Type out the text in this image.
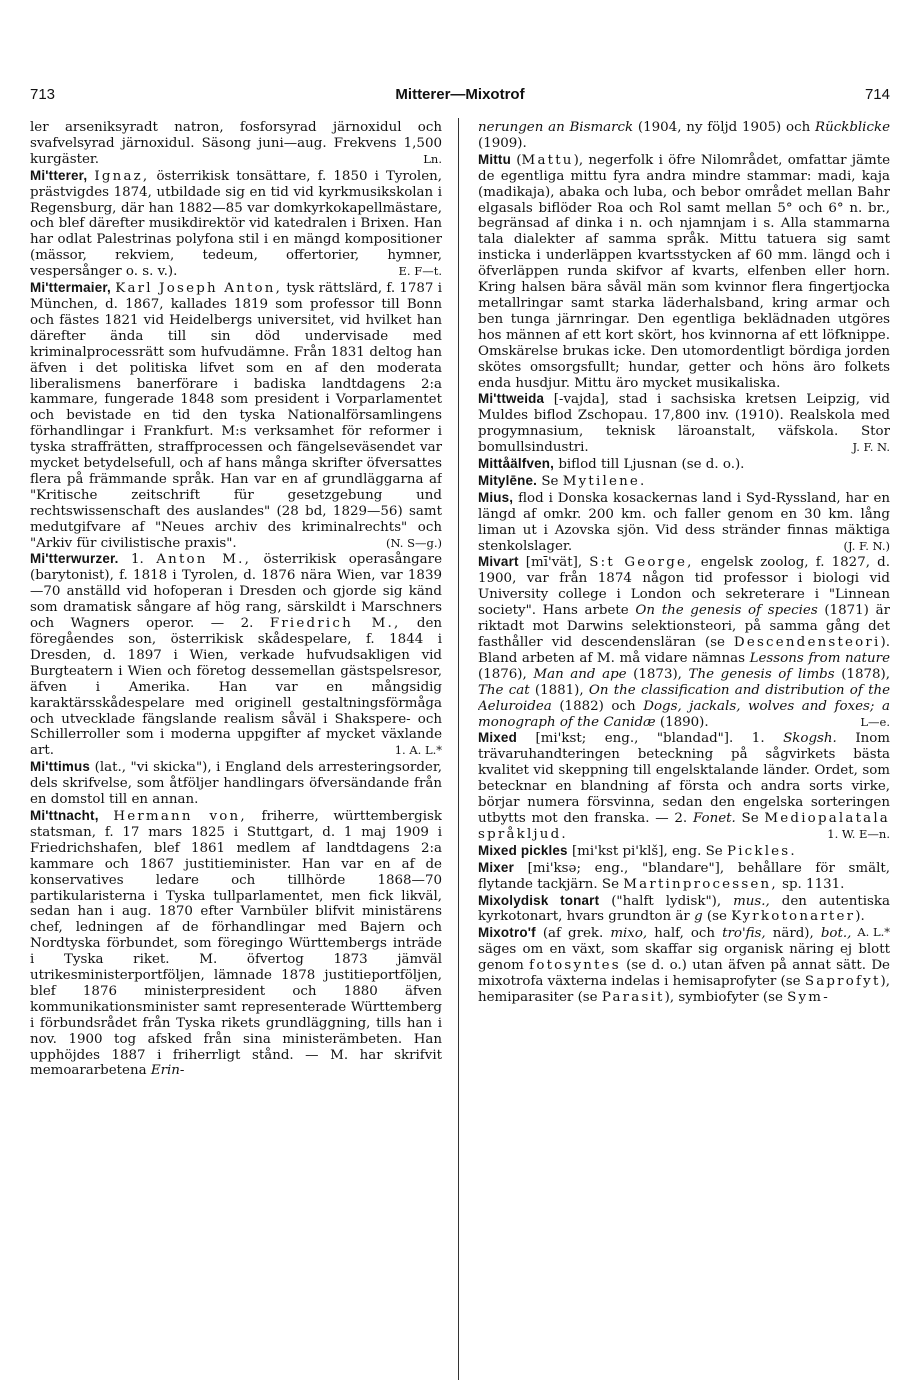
713	Mitterer—Mixotrof	714

ler arseniksyradt natron, fosforsyrad järnoxidul och svafvelsyrad järnoxidul. Säsong juni—aug. Frekvens 1,500 kurgäster.	Ln.

Mi'tterer, Ignaz, österrikisk tonsättare, f. 1850 i Tyrolen, prästvigdes 1874, utbildade sig en tid vid kyrkmusikskolan i Regensburg, där han 1882—85 var domkyrkokapellmästare, och blef därefter musikdirektör vid katedralen i Brixen. Han har odlat Palestrinas polyfona stil i en mängd kompositioner (mässor, rekviem, tedeum, offertorier, hymner, vespersånger o. s. v.).	E. F—t.

Mi'ttermaier, Karl Joseph Anton, tysk rättslärd, f. 1787 i München, d. 1867, kallades 1819 som professor till Bonn och fästes 1821 vid Heidelbergs universitet, vid hvilket han därefter ända till sin död undervisade med kriminalprocessrätt som hufvudämne. Från 1831 deltog han äfven i det politiska lifvet som en af den moderata liberalismens banerförare i badiska landtdagens 2:a kammare, fungerade 1848 som president i Vorparlamentet och bevistade en tid den tyska Nationalförsamlingens förhandlingar i Frankfurt. M:s verksamhet för reformer i tyska straffrätten, straffprocessen och fängelseväsendet var mycket betydelsefull, och af hans många skrifter öfversattes flera på främmande språk. Han var en af grundläggarna af "Kritische zeitschrift für gesetzgebung und rechtswissenschaft des auslandes" (28 bd, 1829—56) samt medutgifvare af "Neues archiv des kriminalrechts" och "Arkiv für civilistische praxis".	(N. S—g.)

Mi'tterwurzer. 1. Anton M., österrikisk operasångare (barytonist), f. 1818 i Tyrolen, d. 1876 nära Wien, var 1839—70 anställd vid hofoperan i Dresden och gjorde sig känd som dramatisk sångare af hög rang, särskildt i Marschners och Wagners operor. — 2. Friedrich M., den föregåendes son, österrikisk skådespelare, f. 1844 i Dresden, d. 1897 i Wien, verkade hufvudsakligen vid Burgteatern i Wien och företog dessemellan gästspelsresor, äfven i Amerika. Han var en mångsidig karaktärsskådespelare med originell gestaltningsförmåga och utvecklade fängslande realism såväl i Shakspere- och Schillerroller som i moderna uppgifter af mycket växlande art.	1. A. L.*

Mi'ttimus (lat., "vi skicka"), i England dels arresteringsorder, dels skrifvelse, som åtföljer handlingars öfversändande från en domstol till en annan.

Mi'ttnacht, Hermann von, friherre, württembergisk statsman, f. 17 mars 1825 i Stuttgart, d. 1 maj 1909 i Friedrichshafen, blef 1861 medlem af landtdagens 2:a kammare och 1867 justitieminister. Han var en af de konservatives ledare och tillhörde 1868—70 partikularisterna i Tyska tullparlamentet, men fick likväl, sedan han i aug. 1870 efter Varnbüler blifvit ministärens chef, ledningen af de förhandlingar med Bajern och Nordtyska förbundet, som föregingo Württembergs inträde i Tyska riket. M. öfvertog 1873 jämväl utrikesministerportföljen, lämnade 1878 justitieportföljen, blef 1876 ministerpresident och 1880 äfven kommunikationsminister samt representerade Württemberg i förbundsrådet från Tyska rikets grundläggning, tills han i nov. 1900 tog afsked från sina ministerämbeten. Han upphöjdes 1887 i friherrligt stånd. — M. har skrifvit memoararbetena Erin-

nerungen an Bismarck (1904, ny följd 1905) och Rückblicke (1909).

Mittu (Mattu), negerfolk i öfre Nilområdet, omfattar jämte de egentliga mittu fyra andra mindre stammar: madi, kaja (madikaja), abaka och luba, och bebor området mellan Bahr elgasals biflöder Roa och Rol samt mellan 5° och 6° n. br., begränsad af dinka i n. och njamnjam i s. Alla stammarna tala dialekter af samma språk. Mittu tatuera sig samt insticka i underläppen kvartsstycken af 60 mm. längd och i öfverläppen runda skifvor af kvarts, elfenben eller horn. Kring halsen bära såväl män som kvinnor flera fingertjocka metallringar samt starka läderhalsband, kring armar och ben tunga järnringar. Den egentliga beklädnaden utgöres hos männen af ett kort skört, hos kvinnorna af ett löfknippe. Omskärelse brukas icke. Den utomordentligt bördiga jorden skötes omsorgsfullt; hundar, getter och höns äro folkets enda husdjur. Mittu äro mycket musikaliska.

Mi'ttweida [-vajda], stad i sachsiska kretsen Leipzig, vid Muldes biflod Zschopau. 17,800 inv. (1910). Realskola med progymnasium, teknisk läroanstalt, väfskola. Stor bomullsindustri.	J. F. N.

Mittåälfven, biflod till Ljusnan (se d. o.).

Mitylēne. Se Mytilene.

Mius, flod i Donska kosackernas land i Syd-Ryssland, har en längd af omkr. 200 km. och faller genom en 30 km. lång liman ut i Azovska sjön. Vid dess stränder finnas mäktiga stenkolslager.	(J. F. N.)

Mivart [mī'vät], S:t George, engelsk zoolog, f. 1827, d. 1900, var från 1874 någon tid professor i biologi vid University college i London och sekreterare i "Linnean society". Hans arbete On the genesis of species (1871) är riktadt mot Darwins selektionsteori, på samma gång det fasthåller vid descendensläran (se Descendensteori). Bland arbeten af M. må vidare nämnas Lessons from nature (1876), Man and ape (1873), The genesis of limbs (1878), The cat (1881), On the classification and distribution of the Aeluroidea (1882) och Dogs, jackals, wolves and foxes; a monograph of the Canidæ (1890).	L—e.

Mixed [mi'kst; eng., "blandad"]. 1. Skogsh. Inom trävaruhandteringen beteckning på sågvirkets bästa kvalitet vid skeppning till engelsktalande länder. Ordet, som betecknar en blandning af första och andra sorts virke, börjar numera försvinna, sedan den engelska sorteringen utbytts mot den franska. — 2. Fonet. Se Mediopalatala språkljud.	1. W. E—n.

Mixed pickles [mi'kst pi'klš], eng. Se Pickles.

Mixer [mi'ksə; eng., "blandare"], behållare för smält, flytande tackjärn. Se Martinprocessen, sp. 1131.

Mixolydisk tonart ("halft lydisk"), mus., den autentiska kyrkotonart, hvars grundton är g (se Kyrkotonarter).
A. L.*

Mixotro'f (af grek. mixo, half, och tro'fis, närd), bot., säges om en växt, som skaffar sig organisk näring ej blott genom fotosyntes (se d. o.) utan äfven på annat sätt. De mixotrofa växterna indelas i hemisaprofyter (se Saprofyt), hemiparasiter (se Parasit), symbiofyter (se Sym-
